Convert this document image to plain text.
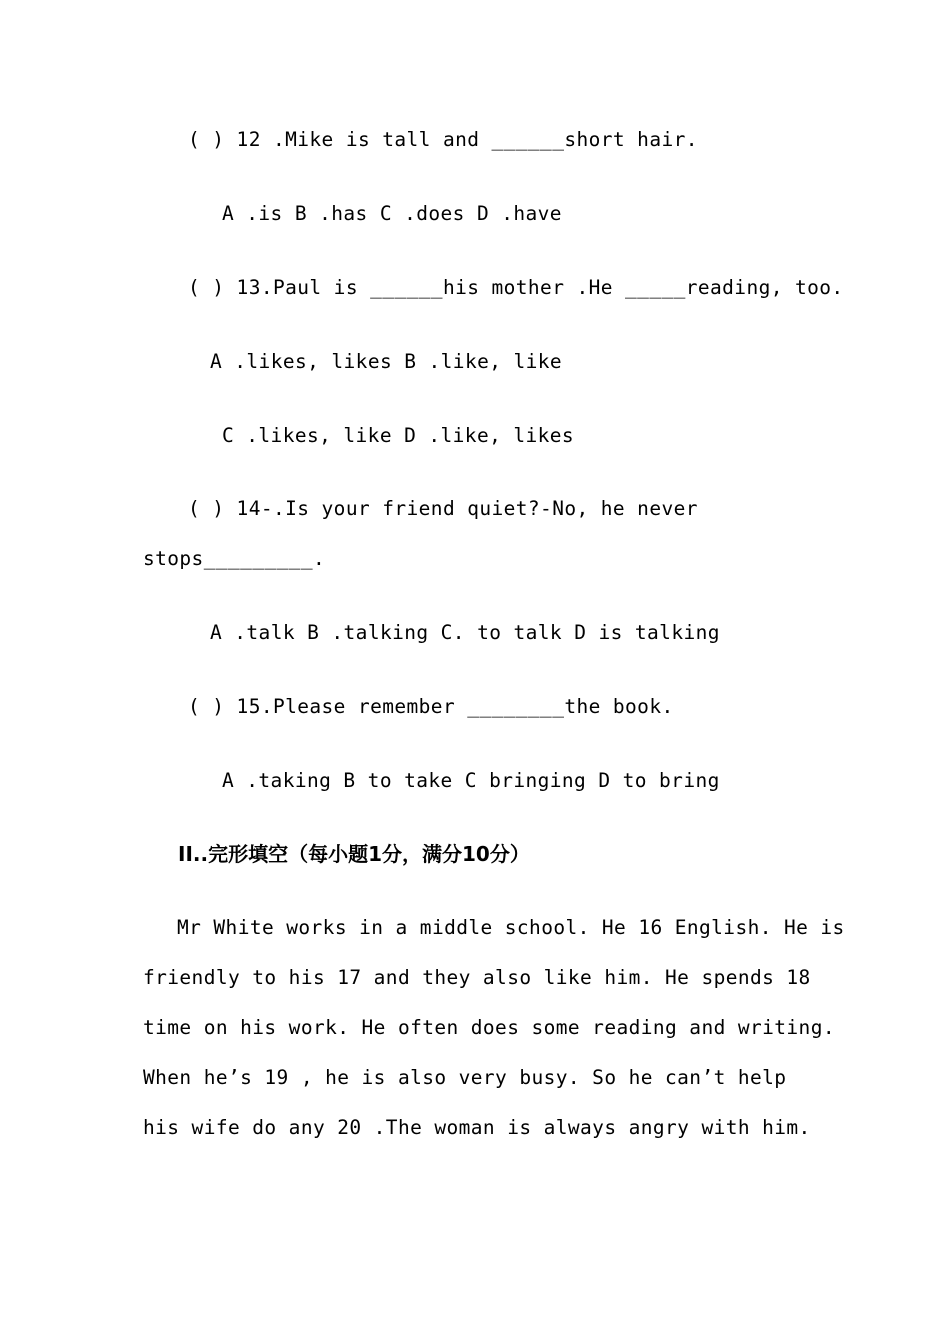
( ) 12 .Mike is tall and ______short hair.
A .is B .has C .does D .have
( ) 13.Paul is ______his mother .He _____reading, too.
A .likes, likes B .like, like
C .likes, like D .like, likes
( ) 14-.Is your friend quiet?-No, he never
stops_________.
A .talk B .talking C. to talk D is talking
( ) 15.Please remember ________the book.
A .taking B to take C bringing D to bring
II..完形填空（每小题1分，满分10分）
Mr White works in a middle school. He 16 English. He is
friendly to his 17 and they also like him. He spends 18
time on his work. He often does some reading and writing.
When he’s 19 , he is also very busy. So he can’t help
his wife do any 20 .The woman is always angry with him.
